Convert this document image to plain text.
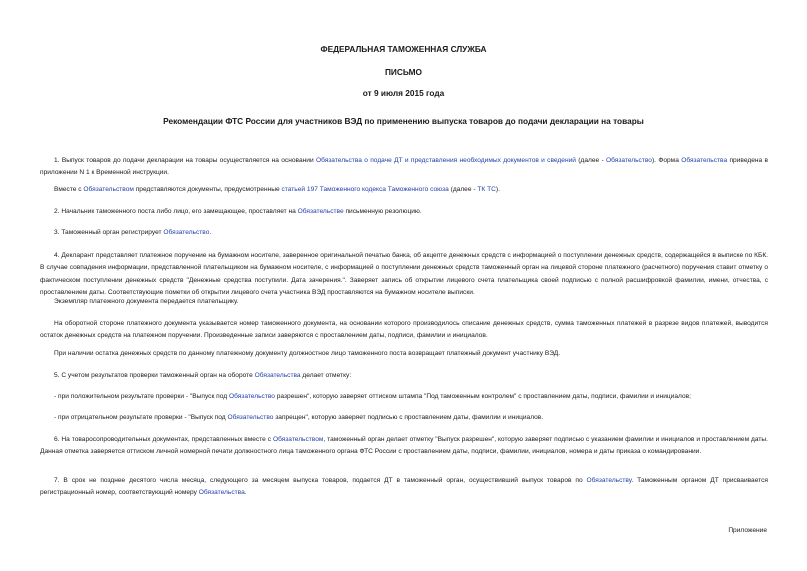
ФЕДЕРАЛЬНАЯ ТАМОЖЕННАЯ СЛУЖБА
ПИСЬМО
от 9 июля 2015 года
Рекомендации ФТС России для участников ВЭД по применению выпуска товаров до подачи декларации на товары
1. Выпуск товаров до подачи декларации на товары осуществляется на основании Обязательства о подаче ДТ и представления необходимых документов и сведений (далее - Обязательство). Форма Обязательства приведена в приложении N 1 к Временной инструкции.
Вместе с Обязательством представляются документы, предусмотренные статьей 197 Таможенного кодекса Таможенного союза (далее - ТК ТС).
2. Начальник таможенного поста либо лицо, его замещающее, проставляет на Обязательстве письменную резолюцию.
3. Таможенный орган регистрирует Обязательство.
4. Декларант представляет платежное поручение на бумажном носителе, заверенное оригинальной печатью банка, об акцепте денежных средств с информацией о поступлении денежных средств, содержащейся в выписке по КБК. В случае совпадения информации, представленной плательщиком на бумажном носителе, с информацией о поступлении денежных средств таможенный орган на лицевой стороне платежного (расчетного) поручения ставит отметку о фактическом поступлении денежных средств "Денежные средства поступили. Дата зачерения.". Заверяет запись об открытии лицевого счета плательщика своей подписью с полной расшифровкой фамилии, имени, отчества, с проставлением даты. Соответствующие пометки об открытии лицевого счета участника ВЭД проставляются на бумажном носителе выписки.
Экземпляр платежного документа передается плательщику.
На оборотной стороне платежного документа указывается номер таможенного документа, на основании которого производилось списание денежных средств, сумма таможенных платежей в разрезе видов платежей, выводится остаток денежных средств на платежном поручении. Произведенные записи заверяются с проставлением даты, подписи, фамилии и инициалов.
При наличии остатка денежных средств по данному платежному документу должностное лицо таможенного поста возвращает платежный документ участнику ВЭД.
5. С учетом результатов проверки таможенный орган на обороте Обязательства делает отметку:
- при положительном результате проверки - "Выпуск под Обязательство разрешен", которую заверяет оттиском штампа "Под таможенным контролем" с проставлением даты, подписи, фамилии и инициалов;
- при отрицательном результате проверки - "Выпуск под Обязательство запрещен", которую заверяет подписью с проставлением даты, фамилии и инициалов.
6. На товаросопроводительных документах, представленных вместе с Обязательством, таможенный орган делает отметку "Выпуск разрешен", которую заверяет подписью с указанием фамилии и инициалов и проставлением даты. Данная отметка заверяется оттиском личной номерной печати должностного лица таможенного органа ФТС России с проставлением даты, подписи, фамилии, инициалов, номера и даты приказа о командировании.
7. В срок не позднее десятого числа месяца, следующего за месяцем выпуска товаров, подается ДТ в таможенный орган, осуществивший выпуск товаров по Обязательству. Таможенным органом ДТ присваивается регистрационный номер, соответствующий номеру Обязательства.
Приложение
